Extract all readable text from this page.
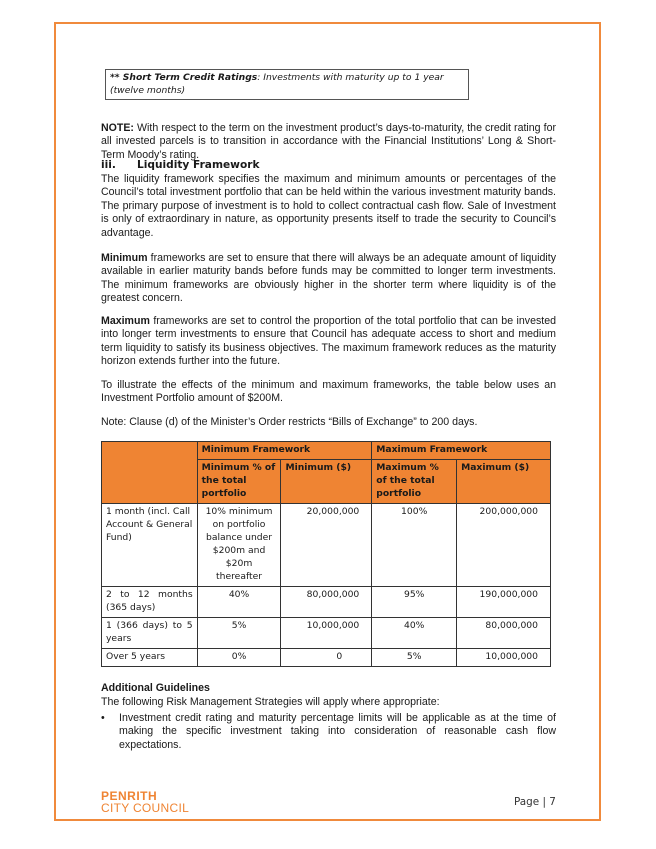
** Short Term Credit Ratings: Investments with maturity up to 1 year (twelve months)

NOTE: With respect to the term on the investment product’s days-to-maturity, the credit rating for all invested parcels is to transition in accordance with the Financial Institutions’ Long & Short-Term Moody’s rating.

iii. Liquidity Framework

The liquidity framework specifies the maximum and minimum amounts or percentages of the Council’s total investment portfolio that can be held within the various investment maturity bands. The primary purpose of investment is to hold to collect contractual cash flow. Sale of Investment is only of extraordinary in nature, as opportunity presents itself to trade the security to Council’s advantage.

Minimum frameworks are set to ensure that there will always be an adequate amount of liquidity available in earlier maturity bands before funds may be committed to longer term investments. The minimum frameworks are obviously higher in the shorter term where liquidity is of the greatest concern.

Maximum frameworks are set to control the proportion of the total portfolio that can be invested into longer term investments to ensure that Council has adequate access to short and medium term liquidity to satisfy its business objectives. The maximum framework reduces as the maturity horizon extends further into the future.

To illustrate the effects of the minimum and maximum frameworks, the table below uses an Investment Portfolio amount of $200M.

Note: Clause (d) of the Minister’s Order restricts “Bills of Exchange” to 200 days.

	Minimum Framework		Maximum Framework	
	Minimum % of the total portfolio	Minimum ($)	Maximum % of the total portfolio	Maximum ($)
1 month (incl. Call Account & General Fund)	10% minimum on portfolio balance under $200m and $20m thereafter	20,000,000	100%	200,000,000
2 to 12 months (365 days)	40%	80,000,000	95%	190,000,000
1 (366 days) to 5 years	5%	10,000,000	40%	80,000,000
Over 5 years	0%	0	5%	10,000,000

Additional Guidelines

The following Risk Management Strategies will apply where appropriate:

• Investment credit rating and maturity percentage limits will be applicable as at the time of making the specific investment taking into consideration of reasonable cash flow expectations.
PENRITH
CITY COUNCIL	Page | 7
